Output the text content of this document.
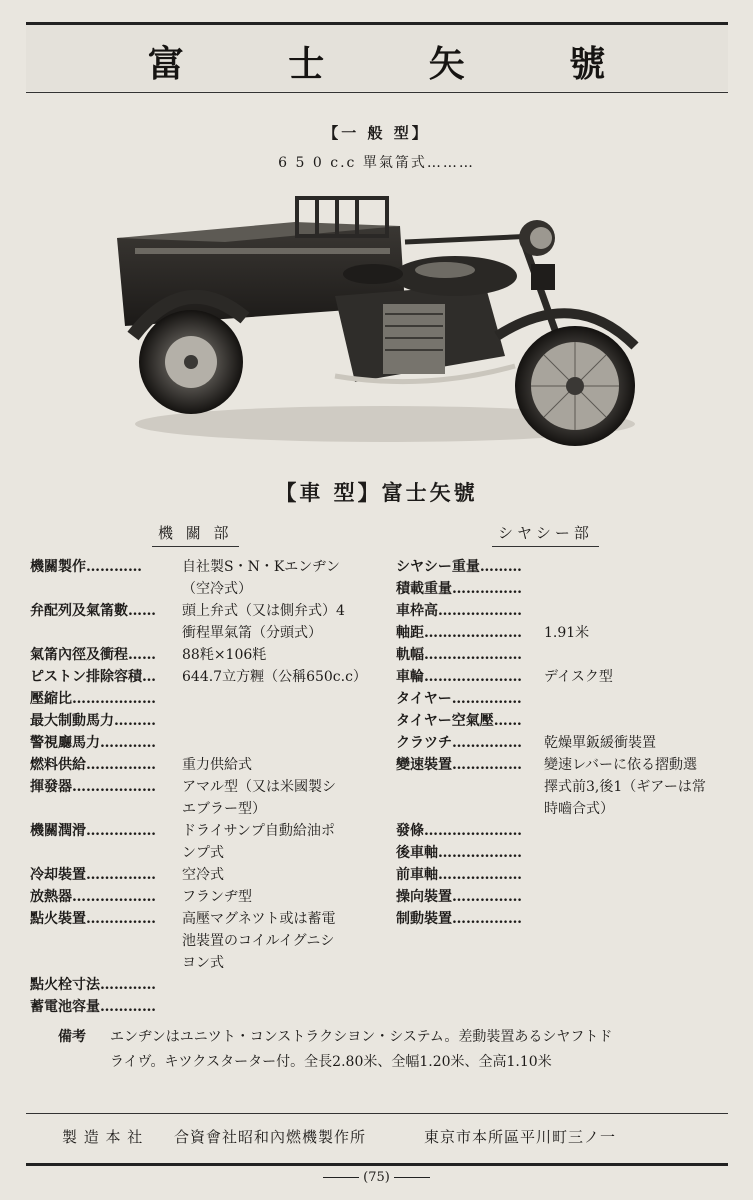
富 士 矢 號
【一 般 型】
6 5 0 c.c 單氣筩式………
【車 型】富士矢號
機 關 部	シヤシー部
機關製作…………	自社製S・N・Kエンヂン
（空冷式）
弁配列及氣筩數…… 頭上弁式（又は側弁式）4
衝程單氣筩（分頭式）
氣筩內徑及衝程…… 88粍×106粍
ピストン排除容積… 644.7立方糎（公稱650c.c）
壓縮比………………
最大制動馬力………
警視廳馬力…………
燃料供給…………… 重力供給式
揮發器……………… アマル型（又は米國製シ
エブラー型）
機關潤滑…………… ドライサンプ自動給油ポ
ンプ式
冷却裝置…………… 空冷式
放熱器……………… フランヂ型
點火裝置…………… 高壓マグネツト或は蓄電
池裝置のコイルイグニシ
ヨン式
點火栓寸法…………
蓄電池容量…………
シヤシー重量………
積載重量……………
車枠高………………
軸距………………… 1.91米
軌幅…………………
車輪………………… デイスク型
タイヤー……………
タイヤー空氣壓……
クラツチ…………… 乾燥單鈑緩衝裝置
變速裝置…………… 變速レバーに依る摺動選
擇式前3,後1（ギアーは常
時嚙合式）
發條…………………
後車軸………………
前車軸………………
操向裝置……………
制動裝置……………
備考 エンヂンはユニツト・コンストラクシヨン・システム。差動裝置あるシヤフトド
ライヴ。キツクスターター付。全長2.80米、全幅1.20米、全高1.10米
製 造 本 社 合資會社昭和內燃機製作所	東京市本所區平川町三ノ一
(75)
